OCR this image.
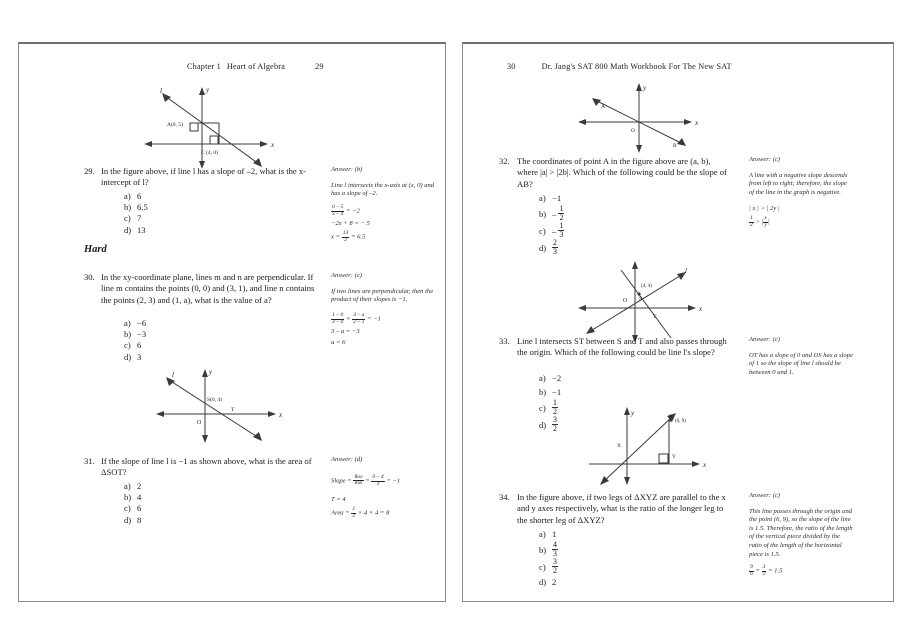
Chapter 1 Heart of Algebra	29
l	y
x
A(0, 5)
C (4, 0)
29. In the figure above, if line l has a slope of –2, what is the x-intercept of l?
a) 6
b) 6.5
c) 7
d) 13
Answer: (b)
Line l intersects the x-axis at (x, 0) and has a slope of –2.
$\frac{0 - 5}{x - 4} = -2$
−2x + 8 = − 5
$x = \frac{13}{2} = 6.5$
Hard
30. In the xy-coordinate plane, lines m and n are perpendicular. If line m contains the points (0, 0) and (3, 1), and line n contains the points (2, 3) and (1, a), what is the value of a?
a) −6
b) −3
c) 6
d) 3
Answer: (c)
If two lines are perpendicular, then the product of their slopes is −1.
$\frac{1 - 0}{3 - 0} \times \frac{3 - a}{2 - 1} = -1$
3 – a = −3
a = 6
l	y
x
O
S(0, 4)
T
31. If the slope of line l is −1 as shown above, what is the area of ΔSOT?
a) 2
b) 4
c) 6
d) 8
Answer: (d)
Slope = Rise
Run = $\frac{0 - 4}{T} = -1$
T = 4
Area = $\frac{1}{2} \times 4 \times 4 = 8$
30	Dr. Jang's SAT 800 Math Workbook For The New SAT
y
x
O
A
B
32. The coordinates of point A in the figure above are (a, b), where |a| > |2b|. Which of the following could be the slope of AB?
a) −1
$b) - \frac{1}{2}$
$c) - \frac{1}{3}$
$d) \frac{2}{3}$
Answer: (c)
A line with a negative slope descends from left to right; therefore, the slope of the line in the graph is negative.
| x | > | 2y |
$\frac{1}{2}$ > | $\frac{x}{y}$ |
l
x
O
(4, 4)
S
T
33. Line l intersects ST between S and T and also passes through the origin. Which of the following could be line l's slope?
a) −2
b) −1
$c) \frac{1}{2}$
$d) \frac{3}{2}$
Answer: (c)
OT has a slope of 0 and OS has a slope of 1 so the slope of line l should be between 0 and 1.
y
x
X
(6, 9)
Z
Y
34. In the figure above, if two legs of ΔXYZ are parallel to the x and y axes respectively, what is the ratio of the longer leg to the shorter leg of ΔXYZ?
a) 1
$b) \frac{4}{3}$
$c) \frac{3}{2}$
d) 2
Answer: (c)
This line passes through the origin and the point (6, 9), so the slope of the line is 1.5. Therefore, the ratio of the length of the vertical piece divided by the ratio of the length of the horizontal piece is 1.5.
$\frac{9}{6} = \frac{3}{2} = 1.5$
